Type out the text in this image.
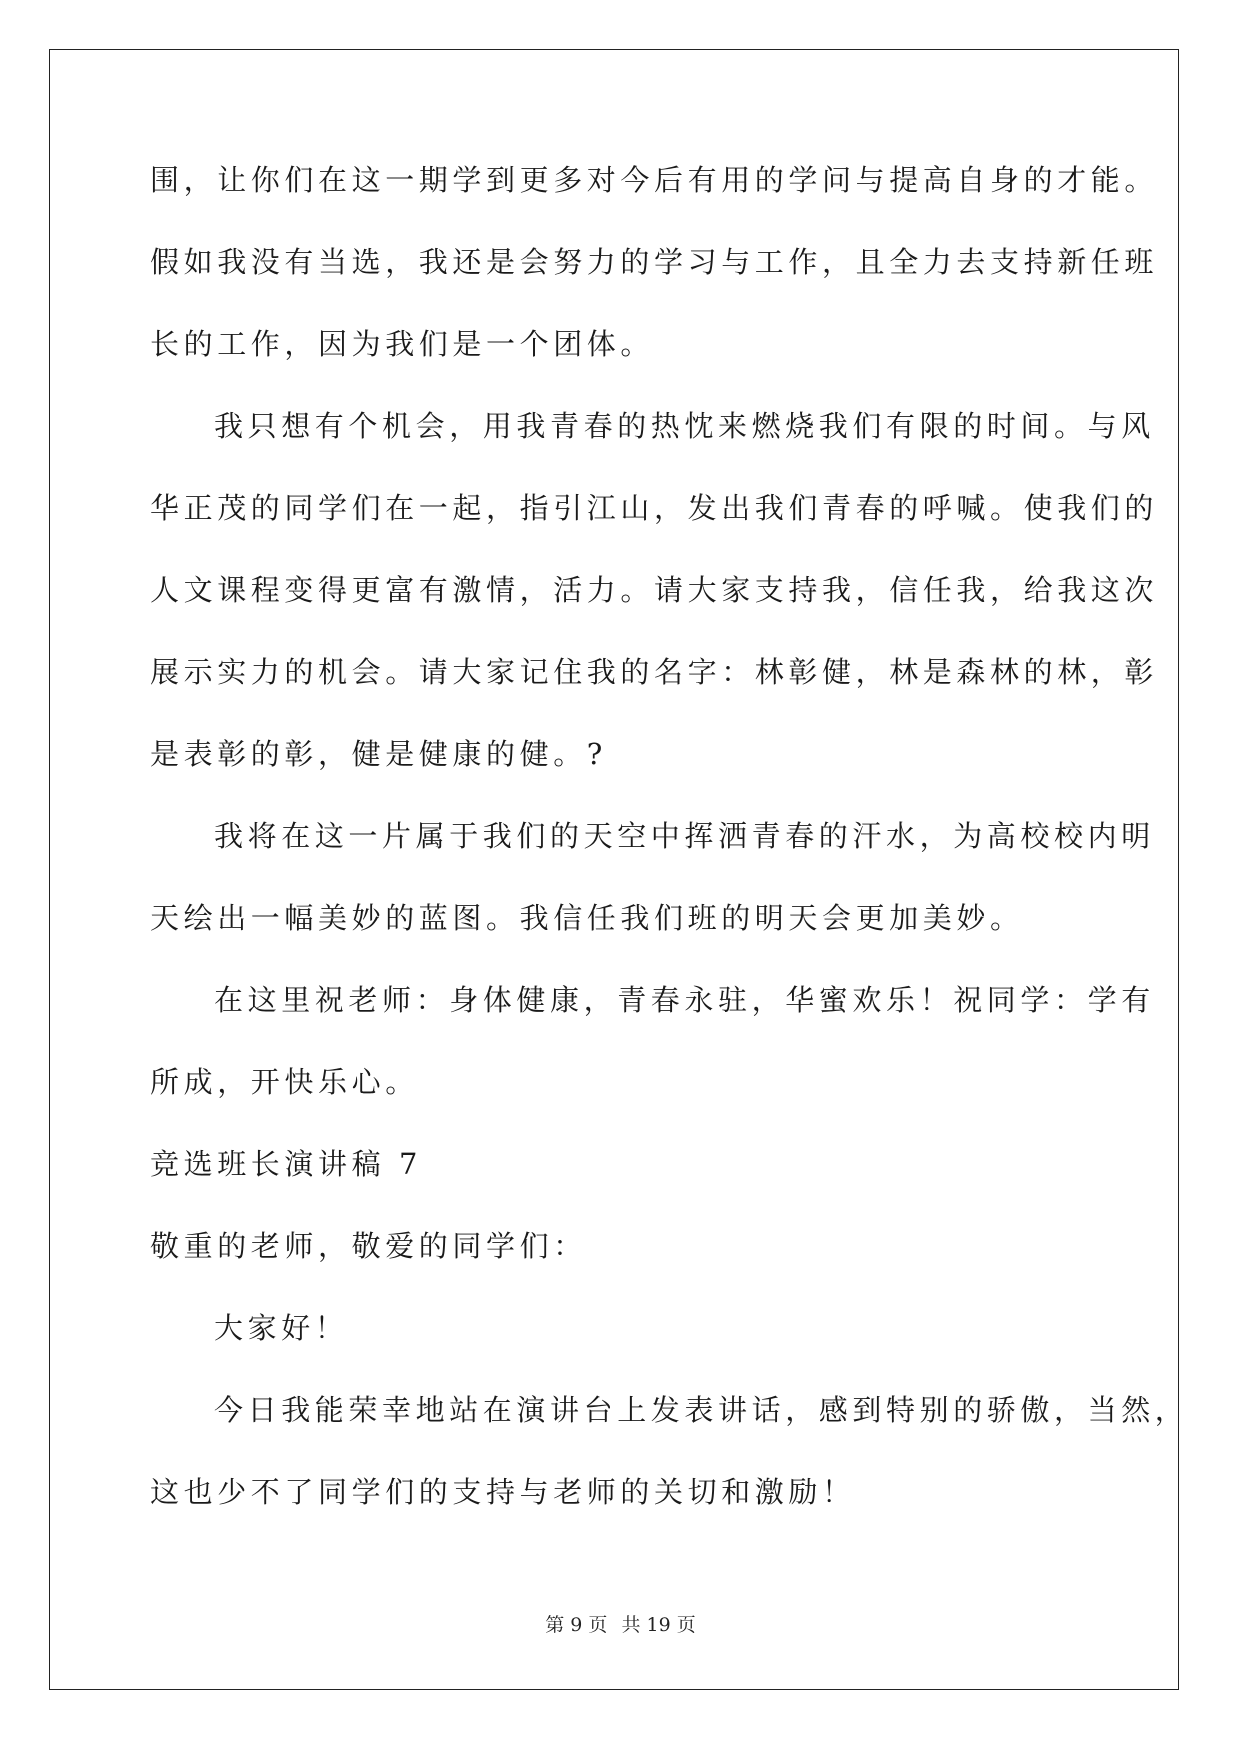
围，让你们在这一期学到更多对今后有用的学问与提高自身的才能。
假如我没有当选，我还是会努力的学习与工作，且全力去支持新任班
长的工作，因为我们是一个团体。
我只想有个机会，用我青春的热忱来燃烧我们有限的时间。与风
华正茂的同学们在一起，指引江山，发出我们青春的呼喊。使我们的
人文课程变得更富有激情，活力。请大家支持我，信任我，给我这次
展示实力的机会。请大家记住我的名字：林彰健，林是森林的林，彰
是表彰的彰，健是健康的健。?
我将在这一片属于我们的天空中挥洒青春的汗水，为高校校内明
天绘出一幅美妙的蓝图。我信任我们班的明天会更加美妙。
在这里祝老师：身体健康，青春永驻，华蜜欢乐！祝同学：学有
所成，开快乐心。
竞选班长演讲稿 7
敬重的老师，敬爱的同学们：
大家好！
今日我能荣幸地站在演讲台上发表讲话，感到特别的骄傲，当然，
这也少不了同学们的支持与老师的关切和激励！
第 9 页 共 19 页
